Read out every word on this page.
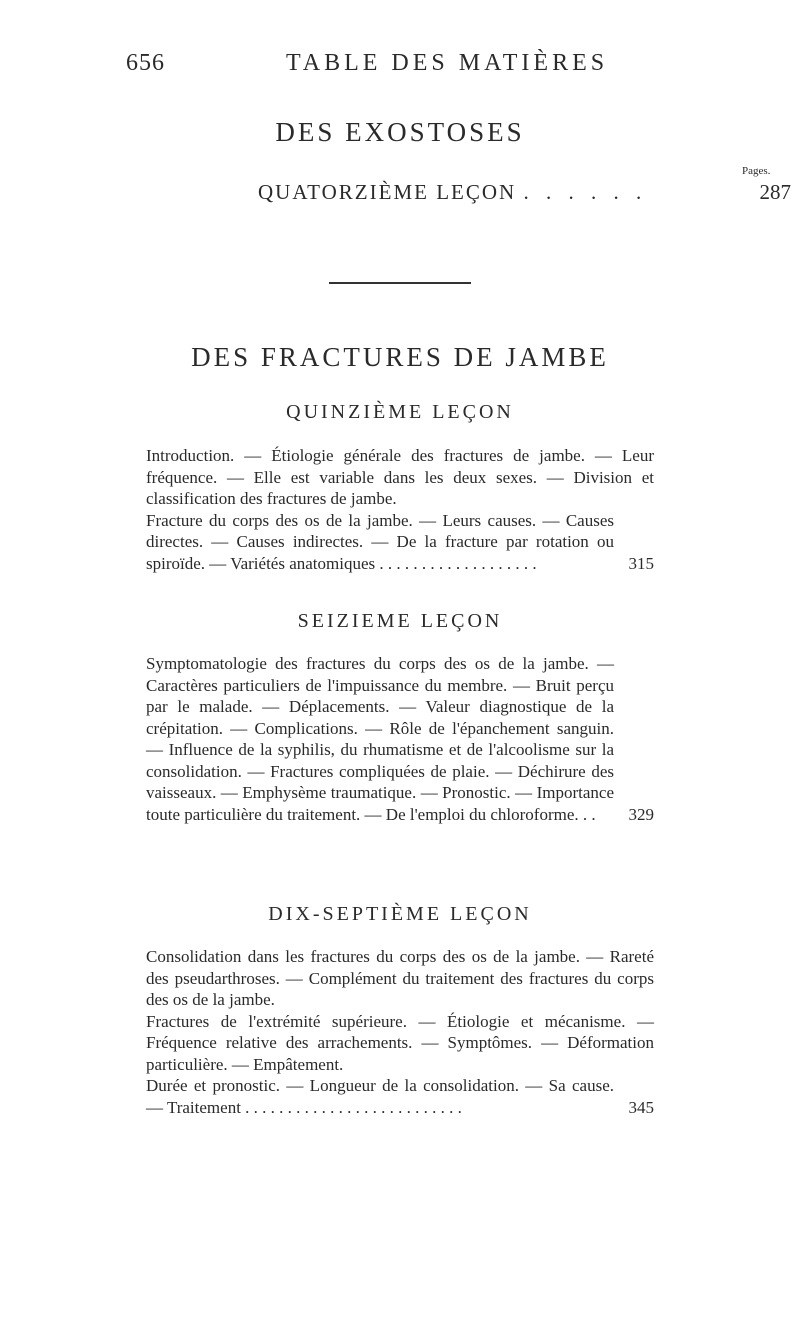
656	TABLE DES MATIÈRES
DES EXOSTOSES
Pages.
QUATORZIÈME LEÇON . . . . . .	287
DES FRACTURES DE JAMBE
QUINZIÈME LEÇON

Introduction. — Étiologie générale des fractures de jambe. — Leur fréquence. — Elle est variable dans les deux sexes. — Division et classification des fractures de jambe.

Fracture du corps des os de la jambe. — Leurs causes. — Causes directes. — Causes indirectes. — De la fracture par rotation ou spiroïde. — Variétés anatomiques . . . . . . . . . . . . . . . . . . .	315

SEIZIEME LEÇON

Symptomatologie des fractures du corps des os de la jambe. — Caractères particuliers de l'impuissance du membre. — Bruit perçu par le malade. — Déplacements. — Valeur diagnostique de la crépitation. — Complications. — Rôle de l'épanchement sanguin. — Influence de la syphilis, du rhumatisme et de l'alcoolisme sur la consolidation. — Fractures compliquées de plaie. — Déchirure des vaisseaux. — Emphysème traumatique. — Pronostic. — Importance toute particulière du traitement. — De l'emploi du chloroforme. . . 329

DIX-SEPTIÈME LEÇON

Consolidation dans les fractures du corps des os de la jambe. — Rareté des pseudarthroses. — Complément du traitement des fractures du corps des os de la jambe.

Fractures de l'extrémité supérieure. — Étiologie et mécanisme. — Fréquence relative des arrachements. — Symptômes. — Déformation particulière. — Empâtement.

Durée et pronostic. — Longueur de la consolidation. — Sa cause. — Traitement . . . . . . . . . . . . . . . . . . . . . . . . . .	345
